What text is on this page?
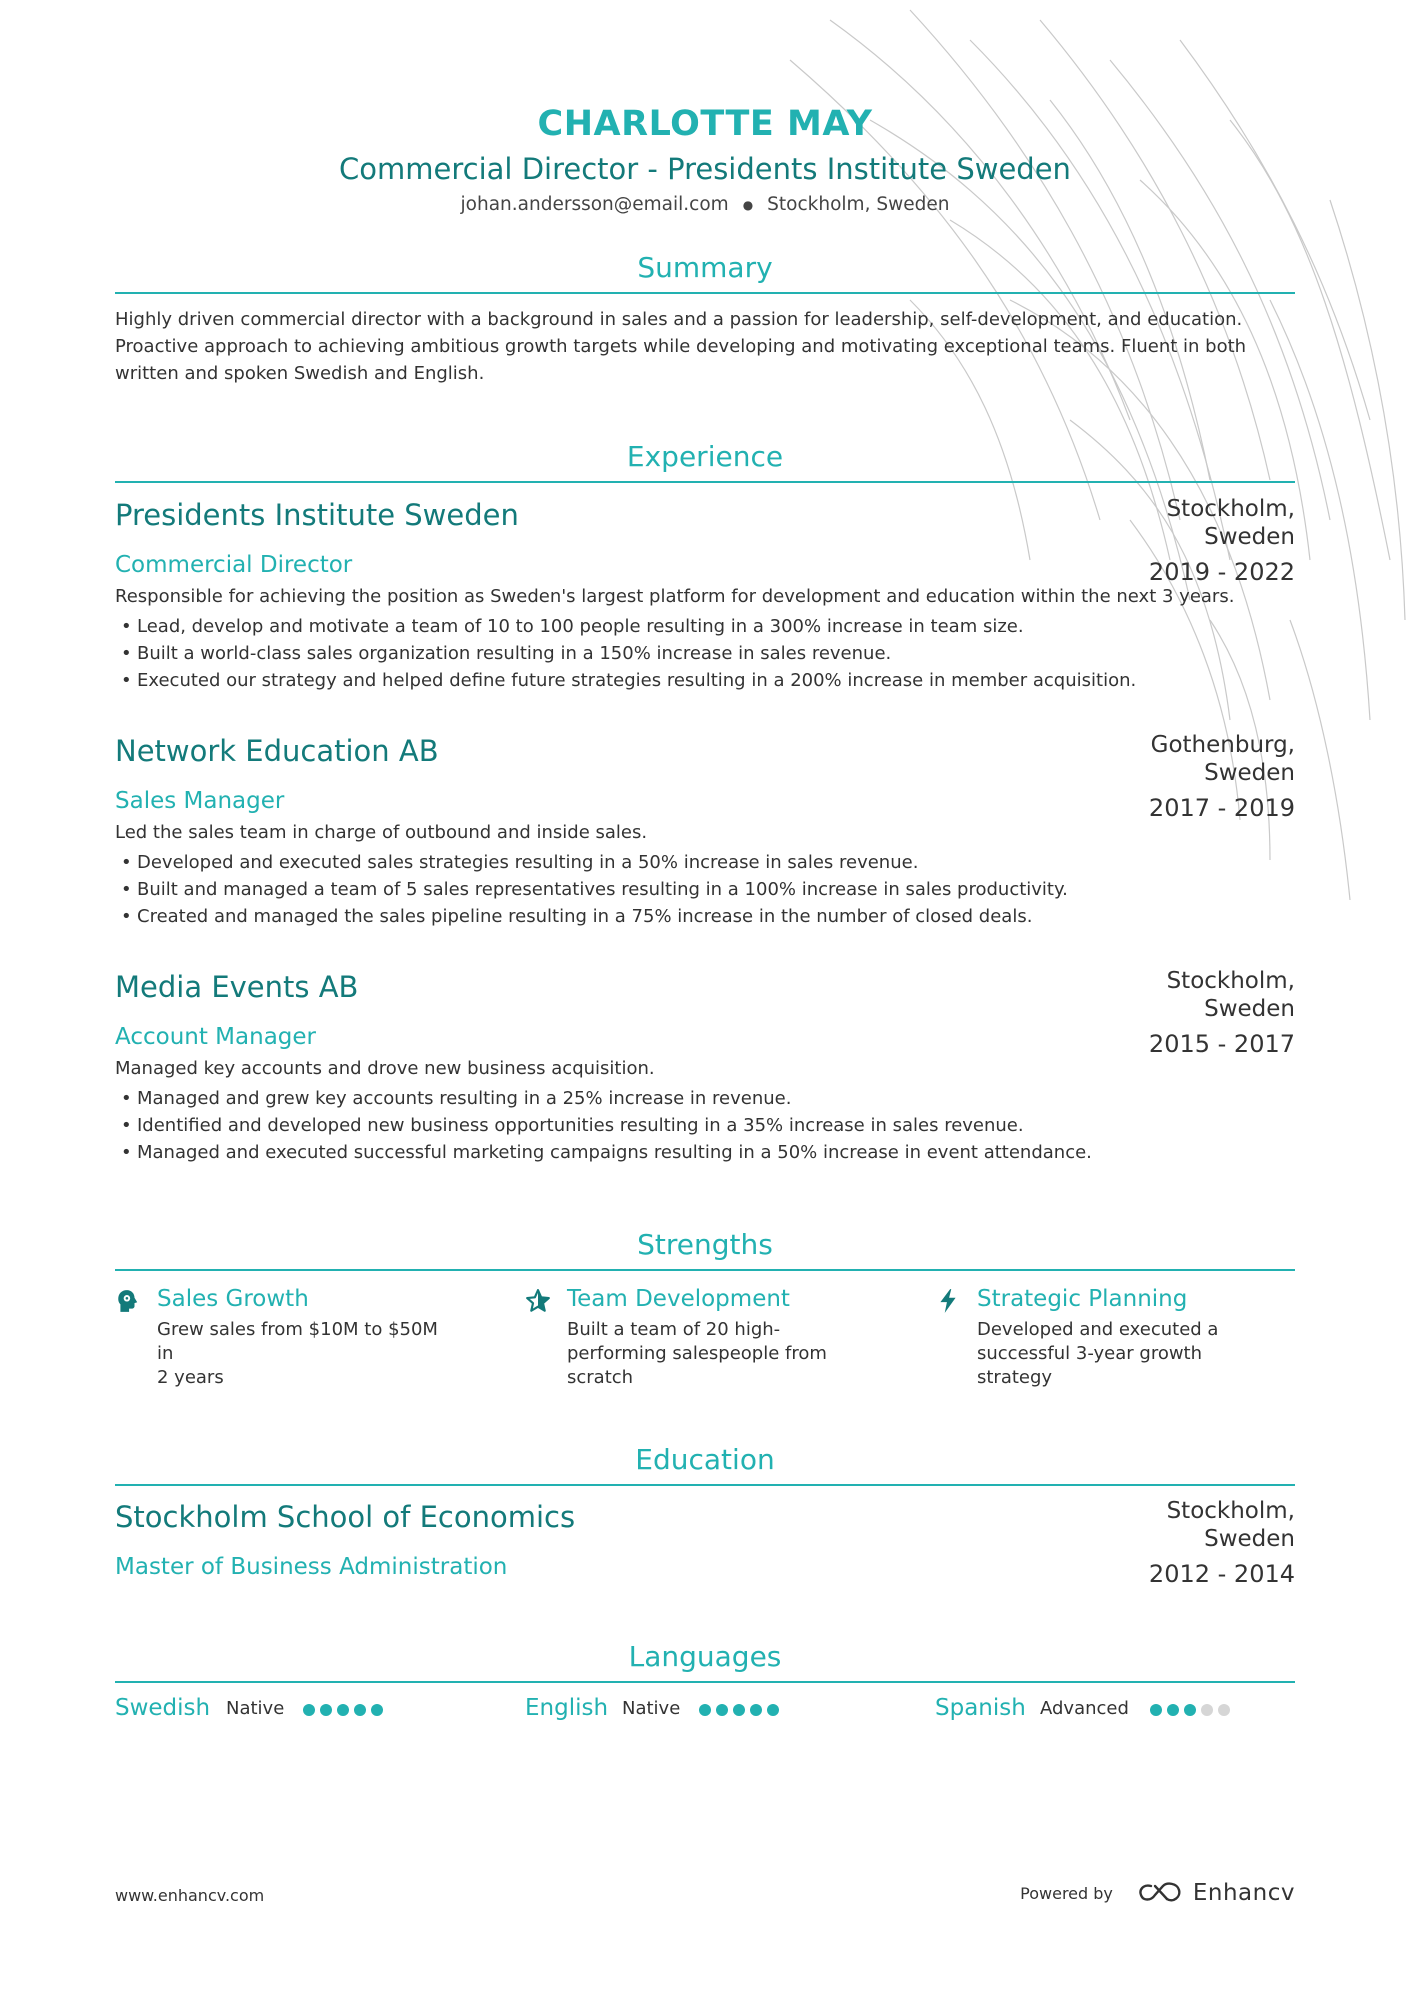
CHARLOTTE MAY
Commercial Director - Presidents Institute Sweden
johan.andersson@email.com ● Stockholm, Sweden
Summary
Highly driven commercial director with a background in sales and a passion for leadership, self-development, and education.
Proactive approach to achieving ambitious growth targets while developing and motivating exceptional teams. Fluent in both
written and spoken Swedish and English.
Experience
Presidents Institute Sweden	Stockholm,
Sweden
2019 - 2022
Commercial Director
Responsible for achieving the position as Sweden's largest platform for development and education within the next 3 years.
• Lead, develop and motivate a team of 10 to 100 people resulting in a 300% increase in team size.
• Built a world-class sales organization resulting in a 150% increase in sales revenue.
• Executed our strategy and helped define future strategies resulting in a 200% increase in member acquisition.
Network Education AB	Gothenburg,
Sweden
2017 - 2019
Sales Manager
Led the sales team in charge of outbound and inside sales.
• Developed and executed sales strategies resulting in a 50% increase in sales revenue.
• Built and managed a team of 5 sales representatives resulting in a 100% increase in sales productivity.
• Created and managed the sales pipeline resulting in a 75% increase in the number of closed deals.
Media Events AB	Stockholm,
Sweden
2015 - 2017
Account Manager
Managed key accounts and drove new business acquisition.
• Managed and grew key accounts resulting in a 25% increase in revenue.
• Identified and developed new business opportunities resulting in a 35% increase in sales revenue.
• Managed and executed successful marketing campaigns resulting in a 50% increase in event attendance.
Strengths
Sales Growth
Grew sales from $10M to $50M in
2 years
Team Development
Built a team of 20 high-
performing salespeople from
scratch
Strategic Planning
Developed and executed a
successful 3-year growth
strategy
Education
Stockholm School of Economics	Stockholm,
Sweden
2012 - 2014
Master of Business Administration
Languages
Swedish Native	English Native	Spanish Advanced
www.enhancv.com	Powered by	Enhancv
